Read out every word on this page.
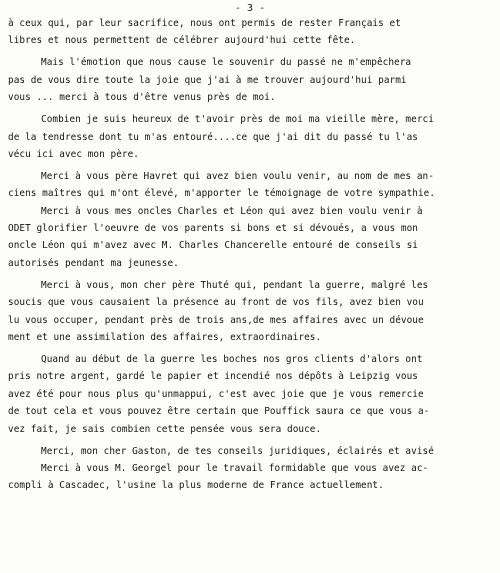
- 3 -
à ceux qui, par leur sacrifice, nous ont permis de rester Français et
libres et nous permettent de célébrer aujourd'hui cette fête.
Mais l'émotion que nous cause le souvenir du passé ne m'empêchera
pas de vous dire toute la joie que j'ai à me trouver aujourd'hui parmi
vous ... merci à tous d'être venus près de moi.
Combien je suis heureux de t'avoir près de moi ma vieille mère, merci
de la tendresse dont tu m'as entouré....ce que j'ai dit du passé tu l'as
vécu ici avec mon père.
Merci à vous père Havret qui avez bien voulu venir, au nom de mes an-
ciens maîtres qui m'ont élevé, m'apporter le témoignage de votre sympathie.
Merci à vous mes oncles Charles et Léon qui avez bien voulu venir à
ODET glorifier l'oeuvre de vos parents si bons et si dévoués, a vous mon
oncle Léon qui m'avez avec M. Charles Chancerelle entouré de conseils si
autorisés pendant ma jeunesse.
Merci à vous, mon cher père Thuté qui, pendant la guerre, malgré les
soucis que vous causaient la présence au front de vos fils, avez bien vou
lu vous occuper, pendant près de trois ans,de mes affaires avec un dévoue
ment et une assimilation des affaires, extraordinaires.
Quand au début de la guerre les boches nos gros clients d'alors ont
pris notre argent, gardé le papier et incendié nos dépôts à Leipzig vous
avez été pour nous plus qu'unmappui, c'est avec joie que je vous remercie
de tout cela et vous pouvez être certain que Pouffick saura ce que vous a-
vez fait, je sais combien cette pensée vous sera douce.
Merci, mon cher Gaston, de tes conseils juridiques, éclairés et avisé
Merci à vous M. Georgel pour le travail formidable que vous avez ac-
compli à Cascadec, l'usine la plus moderne de France actuellement.
